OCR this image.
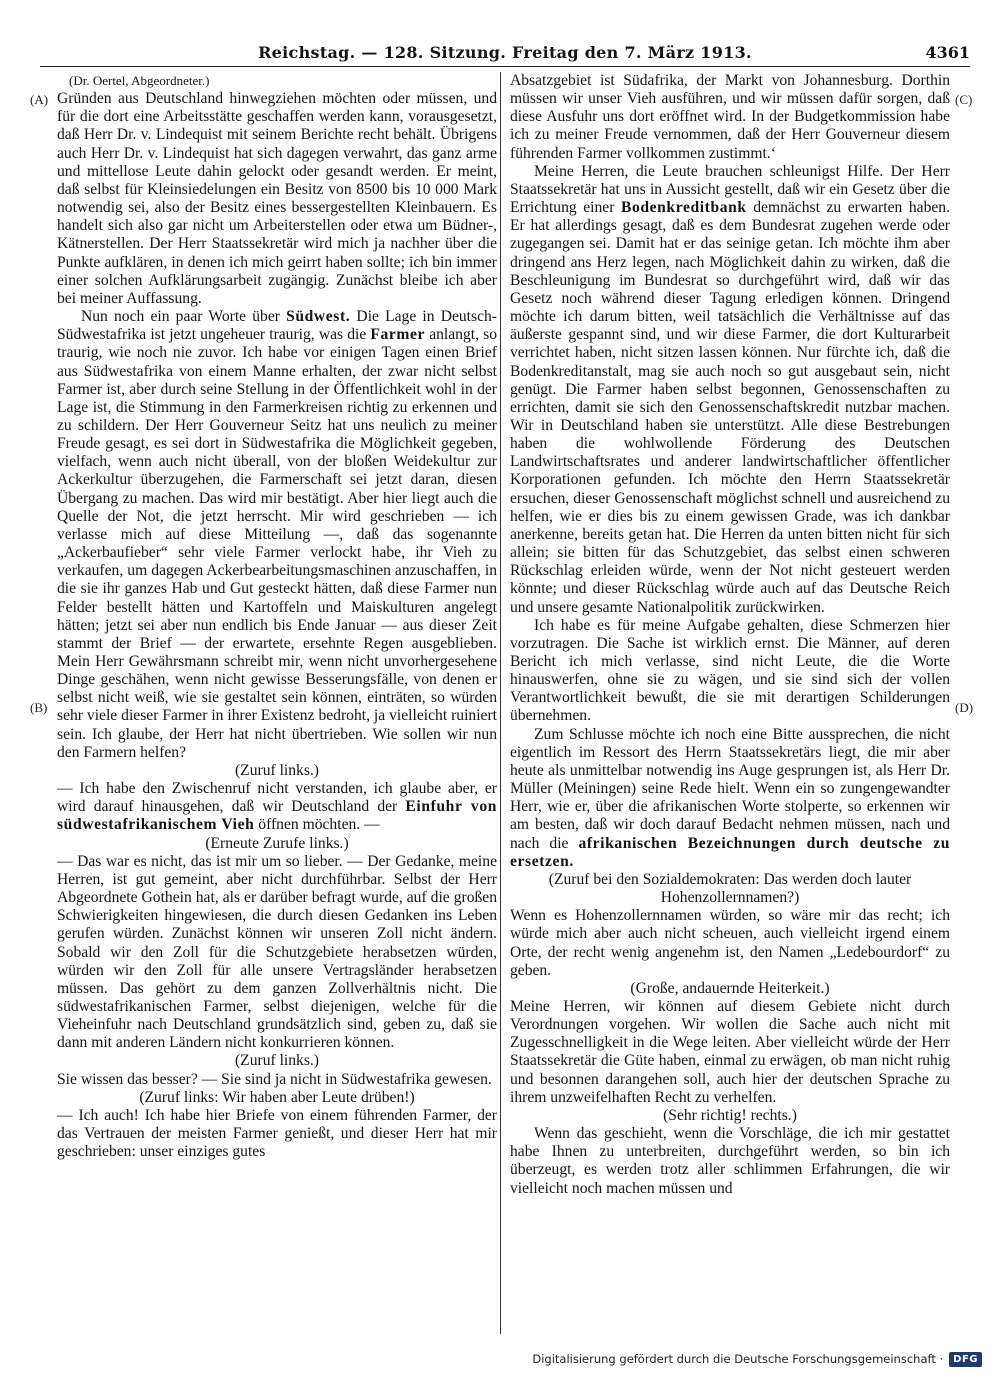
Reichstag. — 128. Sitzung. Freitag den 7. März 1913.	4361
(A)
(B)
(C)
(D)

(Dr. Oertel, Abgeordneter.)

Gründen aus Deutschland hinwegziehen möchten oder müssen, und für die dort eine Arbeitsstätte geschaffen werden kann, vorausgesetzt, daß Herr Dr. v. Lindequist mit seinem Berichte recht behält. Übrigens auch Herr Dr. v. Lindequist hat sich dagegen verwahrt, das ganz arme und mittellose Leute dahin gelockt oder gesandt werden. Er meint, daß selbst für Kleinsiedelungen ein Besitz von 8500 bis 10 000 Mark notwendig sei, also der Besitz eines bessergestellten Kleinbauern. Es handelt sich also gar nicht um Arbeiterstellen oder etwa um Büdner-, Kätnerstellen. Der Herr Staatssekretär wird mich ja nachher über die Punkte aufklären, in denen ich mich geirrt haben sollte; ich bin immer einer solchen Aufklärungsarbeit zugängig. Zunächst bleibe ich aber bei meiner Auffassung.

Nun noch ein paar Worte über Südwest. Die Lage in Deutsch-Südwestafrika ist jetzt ungeheuer traurig, was die Farmer anlangt, so traurig, wie noch nie zuvor. Ich habe vor einigen Tagen einen Brief aus Südwestafrika von einem Manne erhalten, der zwar nicht selbst Farmer ist, aber durch seine Stellung in der Öffentlichkeit wohl in der Lage ist, die Stimmung in den Farmerkreisen richtig zu erkennen und zu schildern. Der Herr Gouverneur Seitz hat uns neulich zu meiner Freude gesagt, es sei dort in Südwestafrika die Möglichkeit gegeben, vielfach, wenn auch nicht überall, von der bloßen Weidekultur zur Ackerkultur überzugehen, die Farmerschaft sei jetzt daran, diesen Übergang zu machen. Das wird mir bestätigt. Aber hier liegt auch die Quelle der Not, die jetzt herrscht. Mir wird geschrieben — ich verlasse mich auf diese Mitteilung —, daß das sogenannte „Ackerbaufieber“ sehr viele Farmer verlockt habe, ihr Vieh zu verkaufen, um dagegen Ackerbearbeitungsmaschinen anzuschaffen, in die sie ihr ganzes Hab und Gut gesteckt hätten, daß diese Farmer nun Felder bestellt hätten und Kartoffeln und Maiskulturen angelegt hätten; jetzt sei aber nun endlich bis Ende Januar — aus dieser Zeit stammt der Brief — der erwartete, ersehnte Regen ausgeblieben. Mein Herr Gewährsmann schreibt mir, wenn nicht unvorhergesehene Dinge geschähen, wenn nicht gewisse Besserungsfälle, von denen er selbst nicht weiß, wie sie gestaltet sein können, einträten, so würden sehr viele dieser Farmer in ihrer Existenz bedroht, ja vielleicht ruiniert sein. Ich glaube, der Herr hat nicht übertrieben. Wie sollen wir nun den Farmern helfen?

(Zuruf links.)

— Ich habe den Zwischenruf nicht verstanden, ich glaube aber, er wird darauf hinausgehen, daß wir Deutschland der Einfuhr von südwestafrikanischem Vieh öffnen möchten. —

(Erneute Zurufe links.)

— Das war es nicht, das ist mir um so lieber. — Der Gedanke, meine Herren, ist gut gemeint, aber nicht durchführbar. Selbst der Herr Abgeordnete Gothein hat, als er darüber befragt wurde, auf die großen Schwierigkeiten hingewiesen, die durch diesen Gedanken ins Leben gerufen würden. Zunächst können wir unseren Zoll nicht ändern. Sobald wir den Zoll für die Schutzgebiete herabsetzen würden, würden wir den Zoll für alle unsere Vertragsländer herabsetzen müssen. Das gehört zu dem ganzen Zollverhältnis nicht. Die südwestafrikanischen Farmer, selbst diejenigen, welche für die Vieheinfuhr nach Deutschland grundsätzlich sind, geben zu, daß sie dann mit anderen Ländern nicht konkurrieren können.

(Zuruf links.)

Sie wissen das besser? — Sie sind ja nicht in Südwestafrika gewesen.

(Zuruf links: Wir haben aber Leute drüben!)

— Ich auch! Ich habe hier Briefe von einem führenden Farmer, der das Vertrauen der meisten Farmer genießt, und dieser Herr hat mir geschrieben: unser einziges gutes

Absatzgebiet ist Südafrika, der Markt von Johannesburg. Dorthin müssen wir unser Vieh ausführen, und wir müssen dafür sorgen, daß diese Ausfuhr uns dort eröffnet wird. In der Budgetkommission habe ich zu meiner Freude vernommen, daß der Herr Gouverneur diesem führenden Farmer vollkommen zustimmt.‘

Meine Herren, die Leute brauchen schleunigst Hilfe. Der Herr Staatssekretär hat uns in Aussicht gestellt, daß wir ein Gesetz über die Errichtung einer Bodenkreditbank demnächst zu erwarten haben. Er hat allerdings gesagt, daß es dem Bundesrat zugehen werde oder zugegangen sei. Damit hat er das seinige getan. Ich möchte ihm aber dringend ans Herz legen, nach Möglichkeit dahin zu wirken, daß die Beschleunigung im Bundesrat so durchgeführt wird, daß wir das Gesetz noch während dieser Tagung erledigen können. Dringend möchte ich darum bitten, weil tatsächlich die Verhältnisse auf das äußerste gespannt sind, und wir diese Farmer, die dort Kulturarbeit verrichtet haben, nicht sitzen lassen können. Nur fürchte ich, daß die Bodenkreditanstalt, mag sie auch noch so gut ausgebaut sein, nicht genügt. Die Farmer haben selbst begonnen, Genossenschaften zu errichten, damit sie sich den Genossenschaftskredit nutzbar machen. Wir in Deutschland haben sie unterstützt. Alle diese Bestrebungen haben die wohlwollende Förderung des Deutschen Landwirtschaftsrates und anderer landwirtschaftlicher öffentlicher Korporationen gefunden. Ich möchte den Herrn Staatssekretär ersuchen, dieser Genossenschaft möglichst schnell und ausreichend zu helfen, wie er dies bis zu einem gewissen Grade, was ich dankbar anerkenne, bereits getan hat. Die Herren da unten bitten nicht für sich allein; sie bitten für das Schutzgebiet, das selbst einen schweren Rückschlag erleiden würde, wenn der Not nicht gesteuert werden könnte; und dieser Rückschlag würde auch auf das Deutsche Reich und unsere gesamte Nationalpolitik zurückwirken.

Ich habe es für meine Aufgabe gehalten, diese Schmerzen hier vorzutragen. Die Sache ist wirklich ernst. Die Männer, auf deren Bericht ich mich verlasse, sind nicht Leute, die die Worte hinauswerfen, ohne sie zu wägen, und sie sind sich der vollen Verantwortlichkeit bewußt, die sie mit derartigen Schilderungen übernehmen.

Zum Schlusse möchte ich noch eine Bitte aussprechen, die nicht eigentlich im Ressort des Herrn Staatssekretärs liegt, die mir aber heute als unmittelbar notwendig ins Auge gesprungen ist, als Herr Dr. Müller (Meiningen) seine Rede hielt. Wenn ein so zungengewandter Herr, wie er, über die afrikanischen Worte stolperte, so erkennen wir am besten, daß wir doch darauf Bedacht nehmen müssen, nach und nach die afrikanischen Bezeichnungen durch deutsche zu ersetzen.

(Zuruf bei den Sozialdemokraten: Das werden doch lauter Hohenzollernnamen?)

Wenn es Hohenzollernnamen würden, so wäre mir das recht; ich würde mich aber auch nicht scheuen, auch vielleicht irgend einem Orte, der recht wenig angenehm ist, den Namen „Ledebourdorf“ zu geben.

(Große, andauernde Heiterkeit.)

Meine Herren, wir können auf diesem Gebiete nicht durch Verordnungen vorgehen. Wir wollen die Sache auch nicht mit Zugesschnelligkeit in die Wege leiten. Aber vielleicht würde der Herr Staatssekretär die Güte haben, einmal zu erwägen, ob man nicht ruhig und besonnen darangehen soll, auch hier der deutschen Sprache zu ihrem unzweifelhaften Recht zu verhelfen.

(Sehr richtig! rechts.)

Wenn das geschieht, wenn die Vorschläge, die ich mir gestattet habe Ihnen zu unterbreiten, durchgeführt werden, so bin ich überzeugt, es werden trotz aller schlimmen Erfahrungen, die wir vielleicht noch machen müssen und

Digitalisierung gefördert durch die Deutsche Forschungsgemeinschaft ·	DFG
